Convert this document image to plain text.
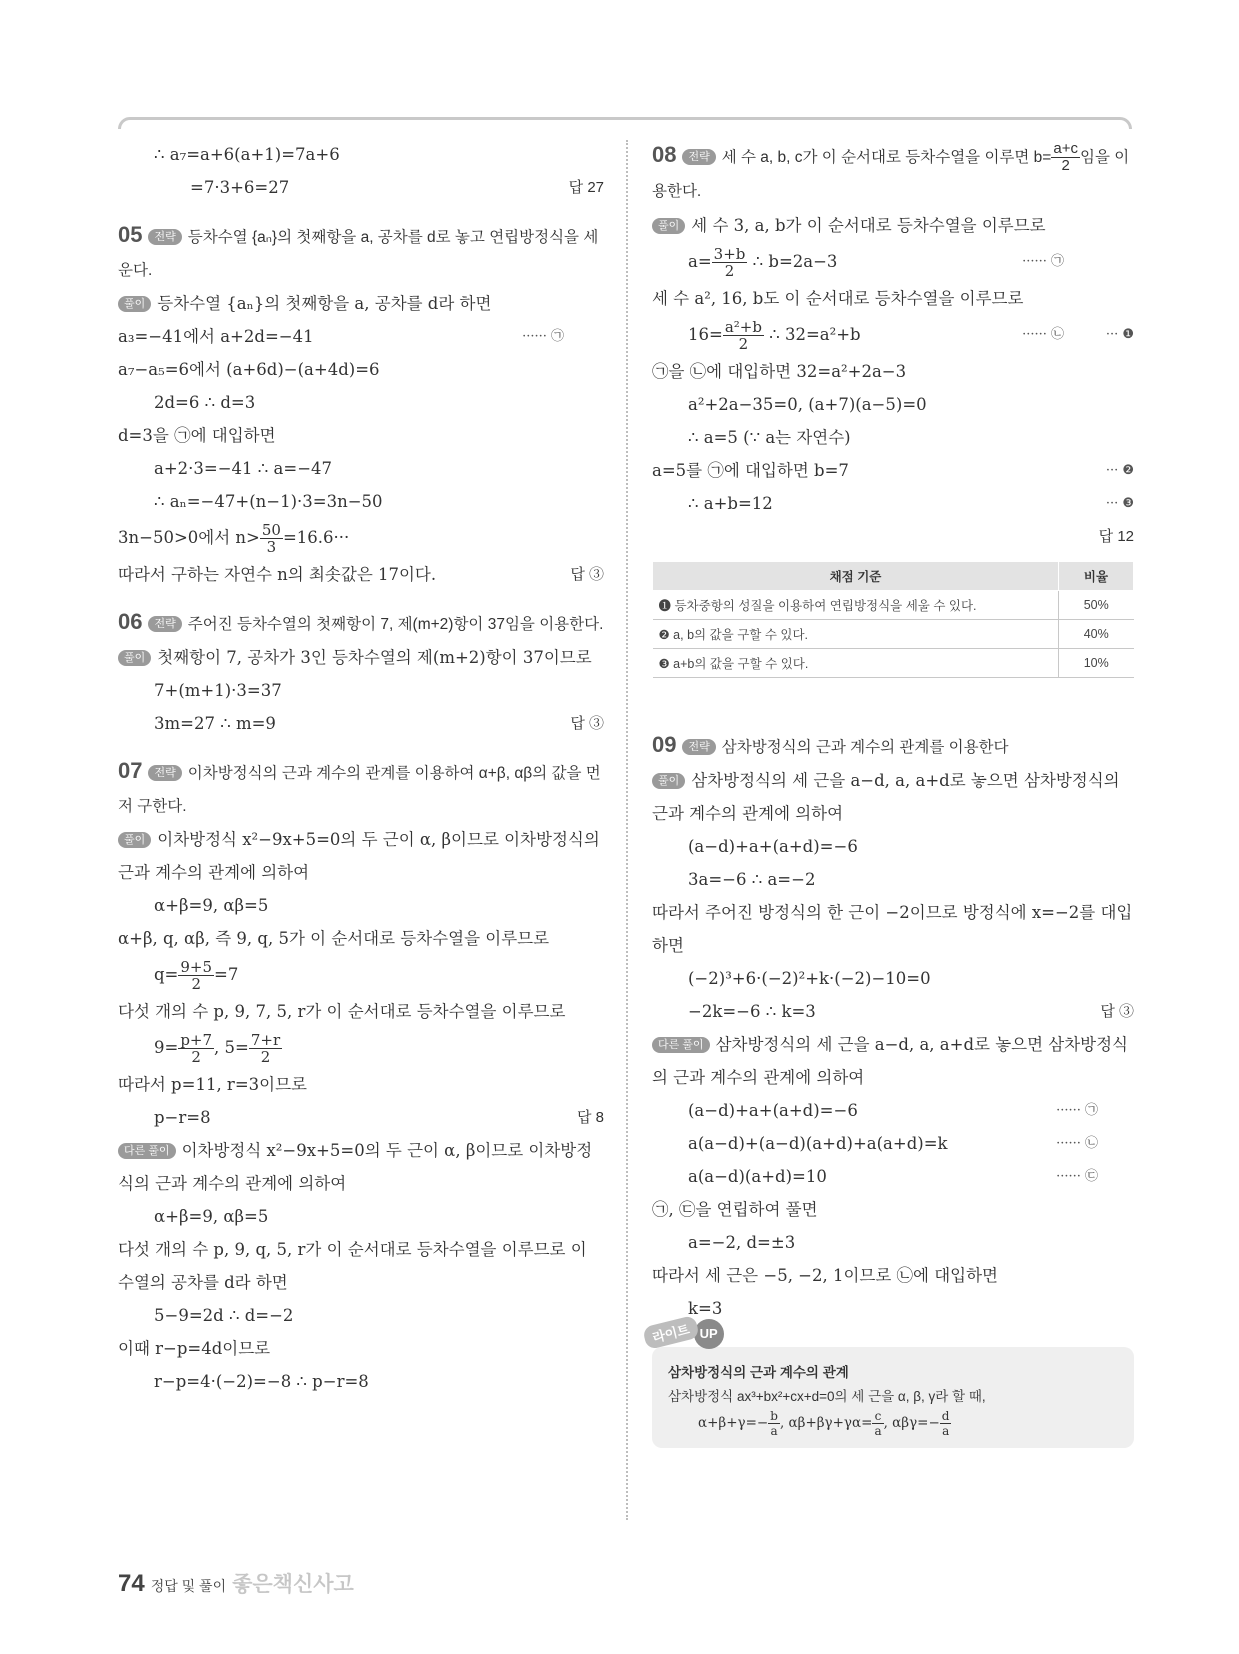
∴ a₇=a+6(a+1)=7a+6
=7·3+6=27	답 27
05 전략 등차수열 {aₙ}의 첫째항을 a, 공차를 d로 놓고 연립방정식을 세운다.
풀이 등차수열 {aₙ}의 첫째항을 a, 공차를 d라 하면
a₃=−41에서 a+2d=−41	······ ㉠
a₇−a₅=6에서 (a+6d)−(a+4d)=6
2d=6 ∴ d=3
d=3을 ㉠에 대입하면
a+2·3=−41 ∴ a=−47
∴ aₙ=−47+(n−1)·3=3n−50
3n−50>0에서 $n> \frac{50}{3} =16.6\cdot\cdot\cdot$
따라서 구하는 자연수 n의 최솟값은 17이다.	답 ③
06 전략 주어진 등차수열의 첫째항이 7, 제(m+2)항이 37임을 이용한다.
풀이 첫째항이 7, 공차가 3인 등차수열의 제(m+2)항이 37이므로
7+(m+1)·3=37
3m=27 ∴ m=9	답 ③
07 전략 이차방정식의 근과 계수의 관계를 이용하여 α+β, αβ의 값을 먼저 구한다.
풀이 이차방정식 x²−9x+5=0의 두 근이 α, β이므로 이차방정식의 근과 계수의 관계에 의하여
α+β=9, αβ=5
α+β, q, αβ, 즉 9, q, 5가 이 순서대로 등차수열을 이루므로
$q= \frac{9+5}{2} =7$
다섯 개의 수 p, 9, 7, 5, r가 이 순서대로 등차수열을 이루므로
$9= \frac{p+7}{2}$ , $5= \frac{7+r}{2}$
따라서 p=11, r=3이므로
p−r=8	답 8
다른 풀이 이차방정식 x²−9x+5=0의 두 근이 α, β이므로 이차방정식의 근과 계수의 관계에 의하여
α+β=9, αβ=5
다섯 개의 수 p, 9, q, 5, r가 이 순서대로 등차수열을 이루므로 이 수열의 공차를 d라 하면
5−9=2d ∴ d=−2
이때 r−p=4d이므로
r−p=4·(−2)=−8 ∴ p−r=8
08 전략 세 수 a, b, c가 이 순서대로 등차수열을 이루면 $b= \frac{a+c}{2}$ 임을 이용한다.
풀이 세 수 3, a, b가 이 순서대로 등차수열을 이루므로
$a= \frac{3+b}{2}$ ∴ b=2a−3	······ ㉠
세 수 a², 16, b도 이 순서대로 등차수열을 이루므로
$16= \frac{\text{a²+b}}{2}$ ∴ 32=a²+b	······ ㉡	··· ❶
㉠을 ㉡에 대입하면 32=a²+2a−3
a²+2a−35=0, (a+7)(a−5)=0
∴ a=5 (∵ a는 자연수)
a=5를 ㉠에 대입하면 b=7	··· ❷
∴ a+b=12	··· ❸
답 12
채점 기준	비율
❶ 등차중항의 성질을 이용하여 연립방정식을 세울 수 있다.	50%
❷ a, b의 값을 구할 수 있다.	40%
❸ a+b의 값을 구할 수 있다.	10%
09 전략 삼차방정식의 근과 계수의 관계를 이용한다
풀이 삼차방정식의 세 근을 a−d, a, a+d로 놓으면 삼차방정식의 근과 계수의 관계에 의하여
(a−d)+a+(a+d)=−6
3a=−6 ∴ a=−2
따라서 주어진 방정식의 한 근이 −2이므로 방정식에 x=−2를 대입하면
(−2)³+6·(−2)²+k·(−2)−10=0
−2k=−6 ∴ k=3	답 ③
다른 풀이 삼차방정식의 세 근을 a−d, a, a+d로 놓으면 삼차방정식의 근과 계수의 관계에 의하여
(a−d)+a+(a+d)=−6	······ ㉠
a(a−d)+(a−d)(a+d)+a(a+d)=k	······ ㉡
a(a−d)(a+d)=10	······ ㉢
㉠, ㉢을 연립하여 풀면
a=−2, d=±3
따라서 세 근은 −5, −2, 1이므로 ㉡에 대입하면
k=3
라이트 UP
삼차방정식의 근과 계수의 관계
삼차방정식 ax³+bx²+cx+d=0의 세 근을 α, β, γ라 할 때,
$\alpha+\beta+\gamma=- \frac{b}{a}$ , $\alpha\beta+\beta\gamma+\gamma\alpha= \frac{c}{a}$ , $\alpha\beta\gamma=- \frac{d}{a}$
74 정답 및 풀이 좋은책신사고
